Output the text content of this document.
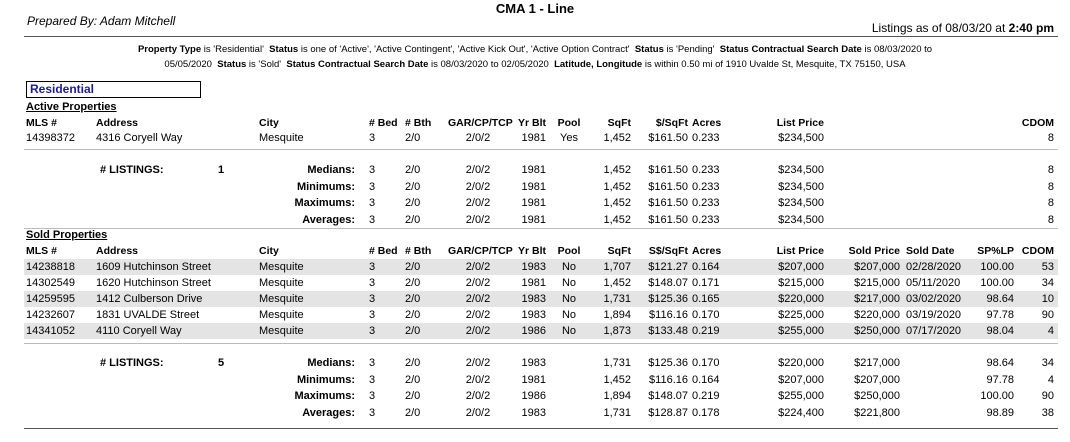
CMA 1 - Line
Prepared By: Adam Mitchell	Listings as of 08/03/20 at 2:40 pm
Property Type is 'Residential'  Status is one of 'Active', 'Active Contingent', 'Active Kick Out', 'Active Option Contract'  Status is 'Pending'  Status Contractual Search Date is 08/03/2020 to
05/05/2020  Status is 'Sold'  Status Contractual Search Date is 08/03/2020 to 02/05/2020  Latitude, Longitude is within 0.50 mi of 1910 Uvalde St, Mesquite, TX 75150, USA
Residential
Active Properties
MLS #	Address	City	# Bed # Bth	GAR/CP/TCP Yr Blt Pool	SqFt	$/SqFt Acres	List Price	CDOM
14398372	4316 Coryell Way	Mesquite	3	2/0	2/0/2	1981	Yes	1,452	$161.50 0.233	$234,500	8
# LISTINGS:	1	Medians: 3	2/0	2/0/2	1981	1,452	$161.50 0.233	$234,500	8
Minimums: 3	2/0	2/0/2	1981	1,452	$161.50 0.233	$234,500	8
Maximums: 3	2/0	2/0/2	1981	1,452	$161.50 0.233	$234,500	8
Averages: 3	2/0	2/0/2	1981	1,452	$161.50 0.233	$234,500	8
Sold Properties
MLS #	Address	City	# Bed # Bth	GAR/CP/TCP Yr Blt Pool	SqFt	S$/SqFt Acres	List Price Sold Price Sold Date	SP%LP CDOM
14238818	1609 Hutchinson Street	Mesquite	3	2/0	2/0/2	1983	No	1,707	$121.27 0.164	$207,000	$207,000 02/28/2020	100.00	53
14302549	1620 Hutchinson Street	Mesquite	3	2/0	2/0/2	1981	No	1,452	$148.07 0.171	$215,000	$215,000 05/11/2020	100.00	34
14259595	1412 Culberson Drive	Mesquite	3	2/0	2/0/2	1983	No	1,731	$125.36 0.165	$220,000	$217,000 03/02/2020	98.64	10
14232607	1831 UVALDE Street	Mesquite	3	2/0	2/0/2	1983	No	1,894	$116.16 0.170	$225,000	$220,000 03/19/2020	97.78	90
14341052	4110 Coryell Way	Mesquite	3	2/0	2/0/2	1986	No	1,873	$133.48 0.219	$255,000	$250,000 07/17/2020	98.04	4
# LISTINGS:	5	Medians: 3	2/0	2/0/2	1983	1,731	$125.36 0.170	$220,000	$217,000	98.64	34
Minimums: 3	2/0	2/0/2	1981	1,452	$116.16 0.164	$207,000	$207,000	97.78	4
Maximums: 3	2/0	2/0/2	1986	1,894	$148.07 0.219	$255,000	$250,000	100.00	90
Averages: 3	2/0	2/0/2	1983	1,731	$128.87 0.178	$224,400	$221,800	98.89	38
